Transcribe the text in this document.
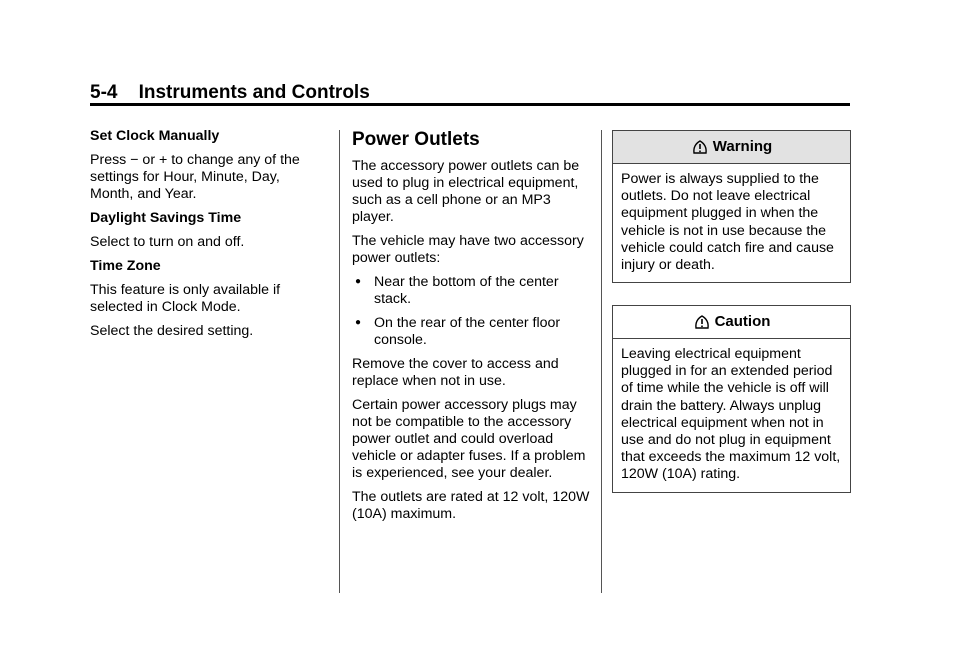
5-4 Instruments and Controls

Set Clock Manually

Press − or + to change any of the settings for Hour, Minute, Day, Month, and Year.

Daylight Savings Time

Select to turn on and off.

Time Zone

This feature is only available if selected in Clock Mode.

Select the desired setting.

Power Outlets

The accessory power outlets can be used to plug in electrical equipment, such as a cell phone or an MP3 player.

The vehicle may have two accessory power outlets:

● Near the bottom of the center stack.
● On the rear of the center floor console.

Remove the cover to access and replace when not in use.

Certain power accessory plugs may not be compatible to the accessory power outlet and could overload vehicle or adapter fuses. If a problem is experienced, see your dealer.

The outlets are rated at 12 volt, 120W (10A) maximum.

Warning
Power is always supplied to the outlets. Do not leave electrical equipment plugged in when the vehicle is not in use because the vehicle could catch fire and cause injury or death.
Caution
Leaving electrical equipment plugged in for an extended period of time while the vehicle is off will drain the battery. Always unplug electrical equipment when not in use and do not plug in equipment that exceeds the maximum 12 volt, 120W (10A) rating.
